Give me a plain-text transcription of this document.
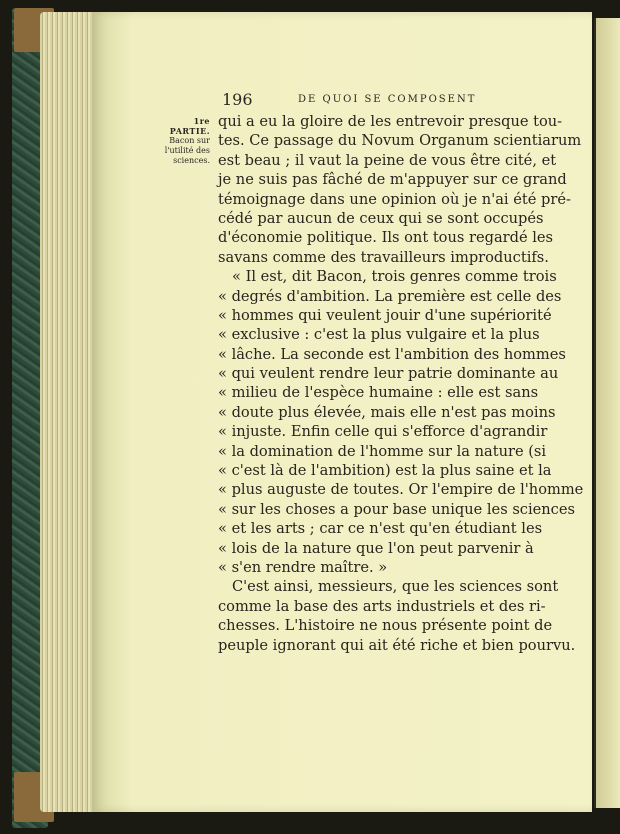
196	DE QUOI SE COMPOSENT
1re PARTIE.
Bacon sur
l'utilité des
sciences.
qui a eu la gloire de les entrevoir presque tou-
tes. Ce passage du Novum Organum scientiarum
est beau ; il vaut la peine de vous être cité, et
je ne suis pas fâché de m'appuyer sur ce grand
témoignage dans une opinion où je n'ai été pré-
cédé par aucun de ceux qui se sont occupés
d'économie politique. Ils ont tous regardé les
savans comme des travailleurs improductifs.
« Il est, dit Bacon, trois genres comme trois
« degrés d'ambition. La première est celle des
« hommes qui veulent jouir d'une supériorité
« exclusive : c'est la plus vulgaire et la plus
« lâche. La seconde est l'ambition des hommes
« qui veulent rendre leur patrie dominante au
« milieu de l'espèce humaine : elle est sans
« doute plus élevée, mais elle n'est pas moins
« injuste. Enfin celle qui s'efforce d'agrandir
« la domination de l'homme sur la nature (si
« c'est là de l'ambition) est la plus saine et la
« plus auguste de toutes. Or l'empire de l'homme
« sur les choses a pour base unique les sciences
« et les arts ; car ce n'est qu'en étudiant les
« lois de la nature que l'on peut parvenir à
« s'en rendre maître. »
C'est ainsi, messieurs, que les sciences sont
comme la base des arts industriels et des ri-
chesses. L'histoire ne nous présente point de
peuple ignorant qui ait été riche et bien pourvu.
